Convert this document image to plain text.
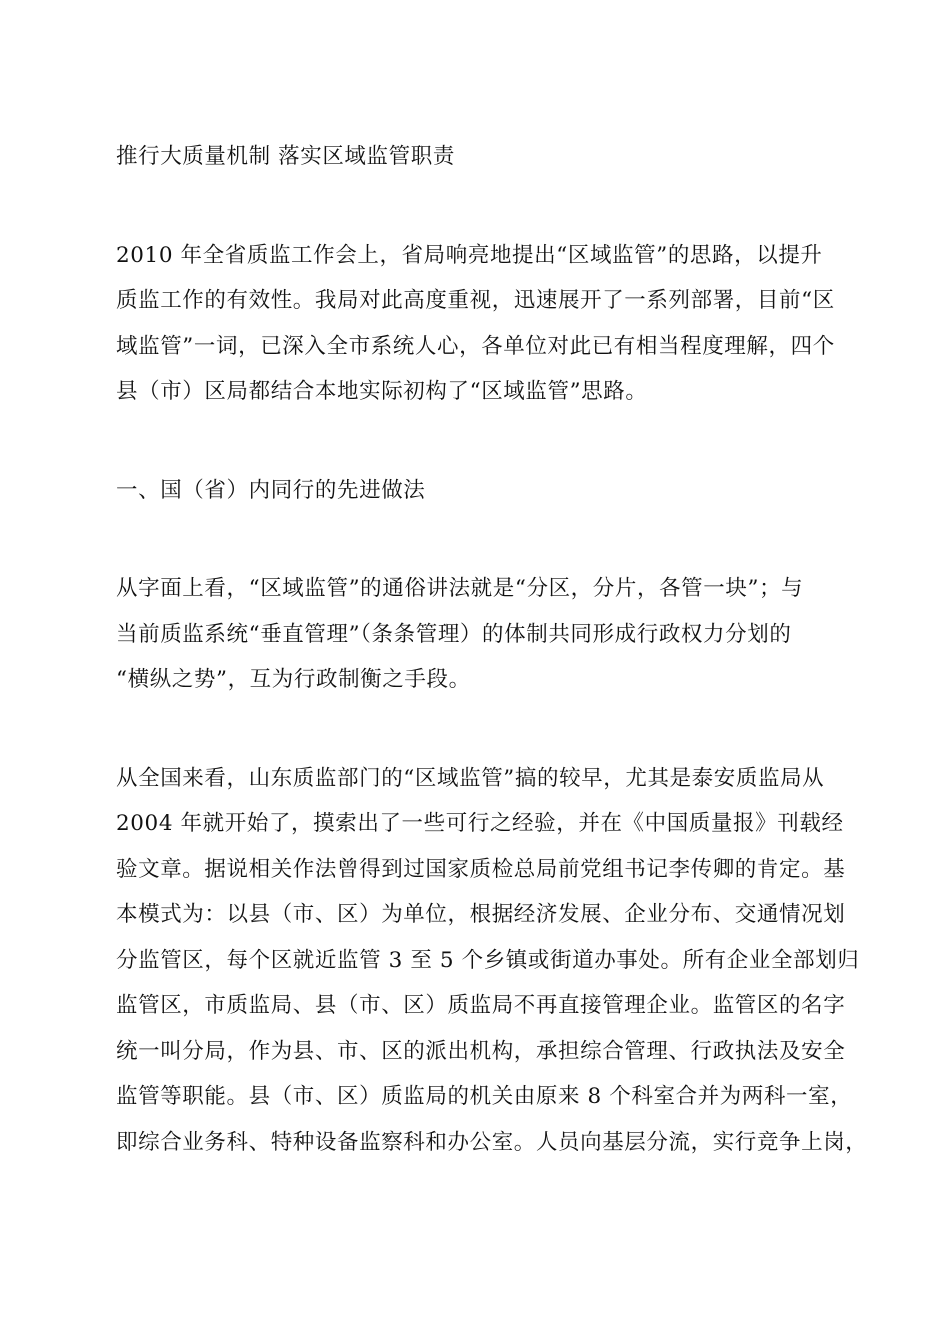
推行大质量机制 落实区域监管职责
2010 年全省质监工作会上，省局响亮地提出“区域监管”的思路，以提升
质监工作的有效性。我局对此高度重视，迅速展开了一系列部署，目前“区
域监管”一词，已深入全市系统人心，各单位对此已有相当程度理解，四个
县（市）区局都结合本地实际初构了“区域监管”思路。
一、国（省）内同行的先进做法
从字面上看，“区域监管”的通俗讲法就是“分区，分片，各管一块”；与
当前质监系统“垂直管理”（条条管理）的体制共同形成行政权力分划的
“横纵之势”，互为行政制衡之手段。
从全国来看，山东质监部门的“区域监管”搞的较早，尤其是泰安质监局从
2004 年就开始了，摸索出了一些可行之经验，并在《中国质量报》刊载经
验文章。据说相关作法曾得到过国家质检总局前党组书记李传卿的肯定。基
本模式为：以县（市、区）为单位，根据经济发展、企业分布、交通情况划
分监管区，每个区就近监管 3 至 5 个乡镇或街道办事处。所有企业全部划归
监管区，市质监局、县（市、区）质监局不再直接管理企业。监管区的名字
统一叫分局，作为县、市、区的派出机构，承担综合管理、行政执法及安全
监管等职能。县（市、区）质监局的机关由原来 8 个科室合并为两科一室，
即综合业务科、特种设备监察科和办公室。人员向基层分流，实行竞争上岗，
